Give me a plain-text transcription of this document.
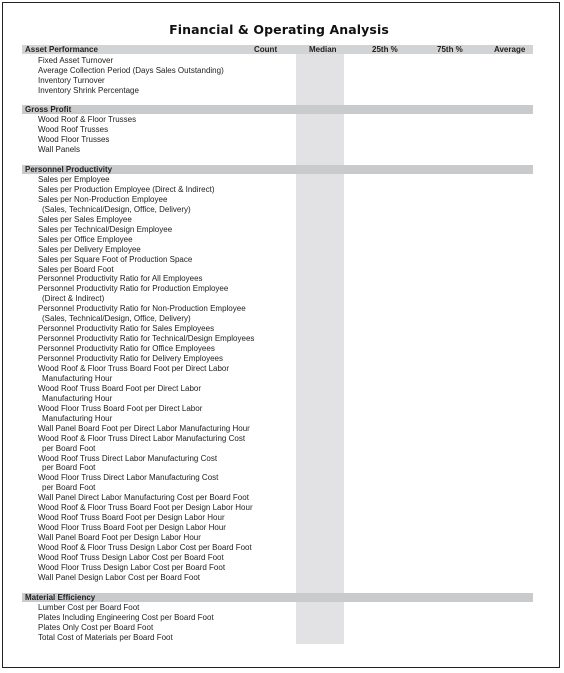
Financial & Operating Analysis
Asset Performance	Count	Median	25th %	75th %	Average
Fixed Asset Turnover
Average Collection Period (Days Sales Outstanding)
Inventory Turnover
Inventory Shrink Percentage
Gross Profit
Wood Roof & Floor Trusses
Wood Roof Trusses
Wood Floor Trusses
Wall Panels
Personnel Productivity
Sales per Employee
Sales per Production Employee (Direct & Indirect)
Sales per Non-Production Employee
(Sales, Technical/Design, Office, Delivery)
Sales per Sales Employee
Sales per Technical/Design Employee
Sales per Office Employee
Sales per Delivery Employee
Sales per Square Foot of Production Space
Sales per Board Foot
Personnel Productivity Ratio for All Employees
Personnel Productivity Ratio for Production Employee
(Direct & Indirect)
Personnel Productivity Ratio for Non-Production Employee
(Sales, Technical/Design, Office, Delivery)
Personnel Productivity Ratio for Sales Employees
Personnel Productivity Ratio for Technical/Design Employees
Personnel Productivity Ratio for Office Employees
Personnel Productivity Ratio for Delivery Employees
Wood Roof & Floor Truss Board Foot per Direct Labor
Manufacturing Hour
Wood Roof Truss Board Foot per Direct Labor
Manufacturing Hour
Wood Floor Truss Board Foot per Direct Labor
Manufacturing Hour
Wall Panel Board Foot per Direct Labor Manufacturing Hour
Wood Roof & Floor Truss Direct Labor Manufacturing Cost
per Board Foot
Wood Roof Truss Direct Labor Manufacturing Cost
per Board Foot
Wood Floor Truss Direct Labor Manufacturing Cost
per Board Foot
Wall Panel Direct Labor Manufacturing Cost per Board Foot
Wood Roof & Floor Truss Board Foot per Design Labor Hour
Wood Roof Truss Board Foot per Design Labor Hour
Wood Floor Truss Board Foot per Design Labor Hour
Wall Panel Board Foot per Design Labor Hour
Wood Roof & Floor Truss Design Labor Cost per Board Foot
Wood Roof Truss Design Labor Cost per Board Foot
Wood Floor Truss Design Labor Cost per Board Foot
Wall Panel Design Labor Cost per Board Foot
Material Efficiency
Lumber Cost per Board Foot
Plates Including Engineering Cost per Board Foot
Plates Only Cost per Board Foot
Total Cost of Materials per Board Foot
